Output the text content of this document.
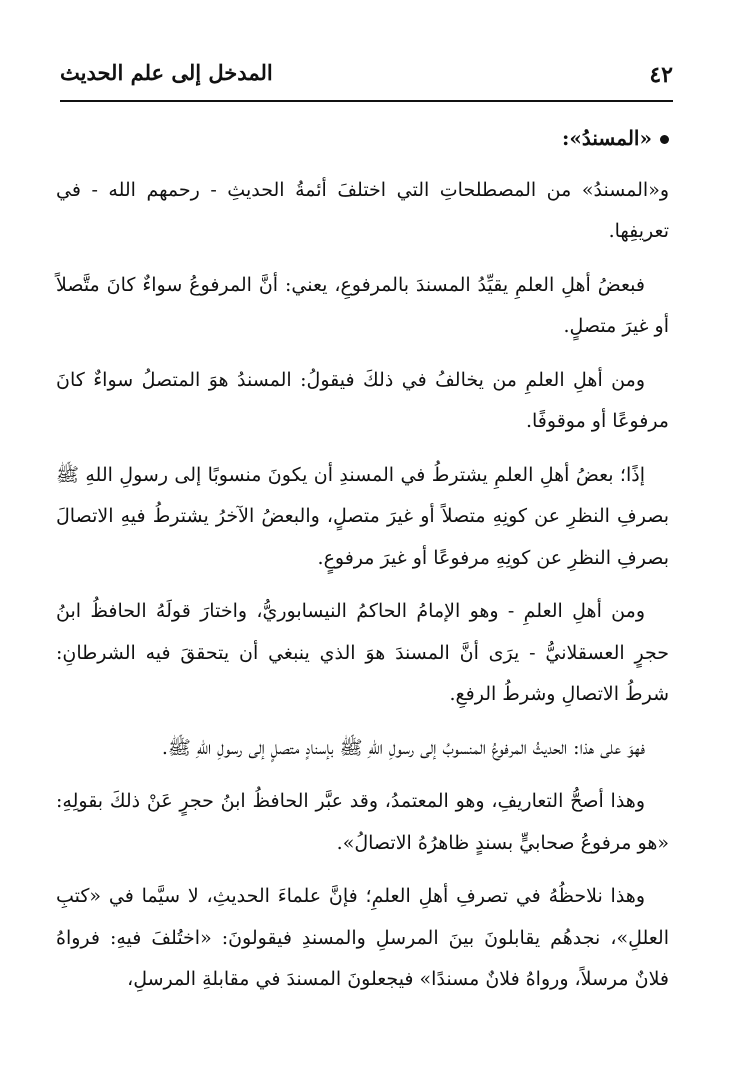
٤٢
المدخل إلى علم الحديث
«المسندُ»:

و«المسندُ» من المصطلحاتِ التي اختلفَ أئمةُ الحديثِ - رحمهم الله - في تعريفِها.

فبعضُ أهلِ العلمِ يقيِّدُ المسندَ بالمرفوعِ، يعني: أنَّ المرفوعُ سواءٌ كانَ متَّصلاً أو غيرَ متصلٍ.

ومن أهلِ العلمِ من يخالفُ في ذلكَ فيقولُ: المسندُ هوَ المتصلُ سواءٌ كانَ مرفوعًا أو موقوفًا.

إذًا؛ بعضُ أهلِ العلمِ يشترطُ في المسندِ أن يكونَ منسوبًا إلى رسولِ اللهِ ﷺ بصرفِ النظرِ عن كونِهِ متصلاً أو غيرَ متصلٍ، والبعضُ الآخرُ يشترطُ فيهِ الاتصالَ بصرفِ النظرِ عن كونِهِ مرفوعًا أو غيرَ مرفوعٍ.

ومن أهلِ العلمِ - وهو الإمامُ الحاكمُ النيسابوريُّ، واختارَ قولَهُ الحافظُ ابنُ حجرٍ العسقلانيُّ - يرَى أنَّ المسندَ هوَ الذي ينبغي أن يتحققَ فيه الشرطانِ: شرطُ الاتصالِ وشرطُ الرفعِ.

فهوَ على هذا: الحديثُ المرفوعُ المنسوبُ إلى رسولِ اللهِ ﷺ بإسنادٍ متصلٍ إلى رسولِ اللهِ ﷺ.

وهذا أصحُّ التعاريفِ، وهو المعتمدُ، وقد عبَّر الحافظُ ابنُ حجرٍ عَنْ ذلكَ بقولِهِ: «هو مرفوعُ صحابيٍّ بسندٍ ظاهرُهُ الاتصالُ».

وهذا نلاحظُهُ في تصرفِ أهلِ العلمِ؛ فإنَّ علماءَ الحديثِ، لا سيَّما في «كتبِ العللِ»، نجدهُم يقابلونَ بينَ المرسلِ والمسندِ فيقولونَ: «اختُلفَ فيهِ: فرواهُ فلانٌ مرسلاً، ورواهُ فلانٌ مسندًا» فيجعلونَ المسندَ في مقابلةِ المرسلِ،
